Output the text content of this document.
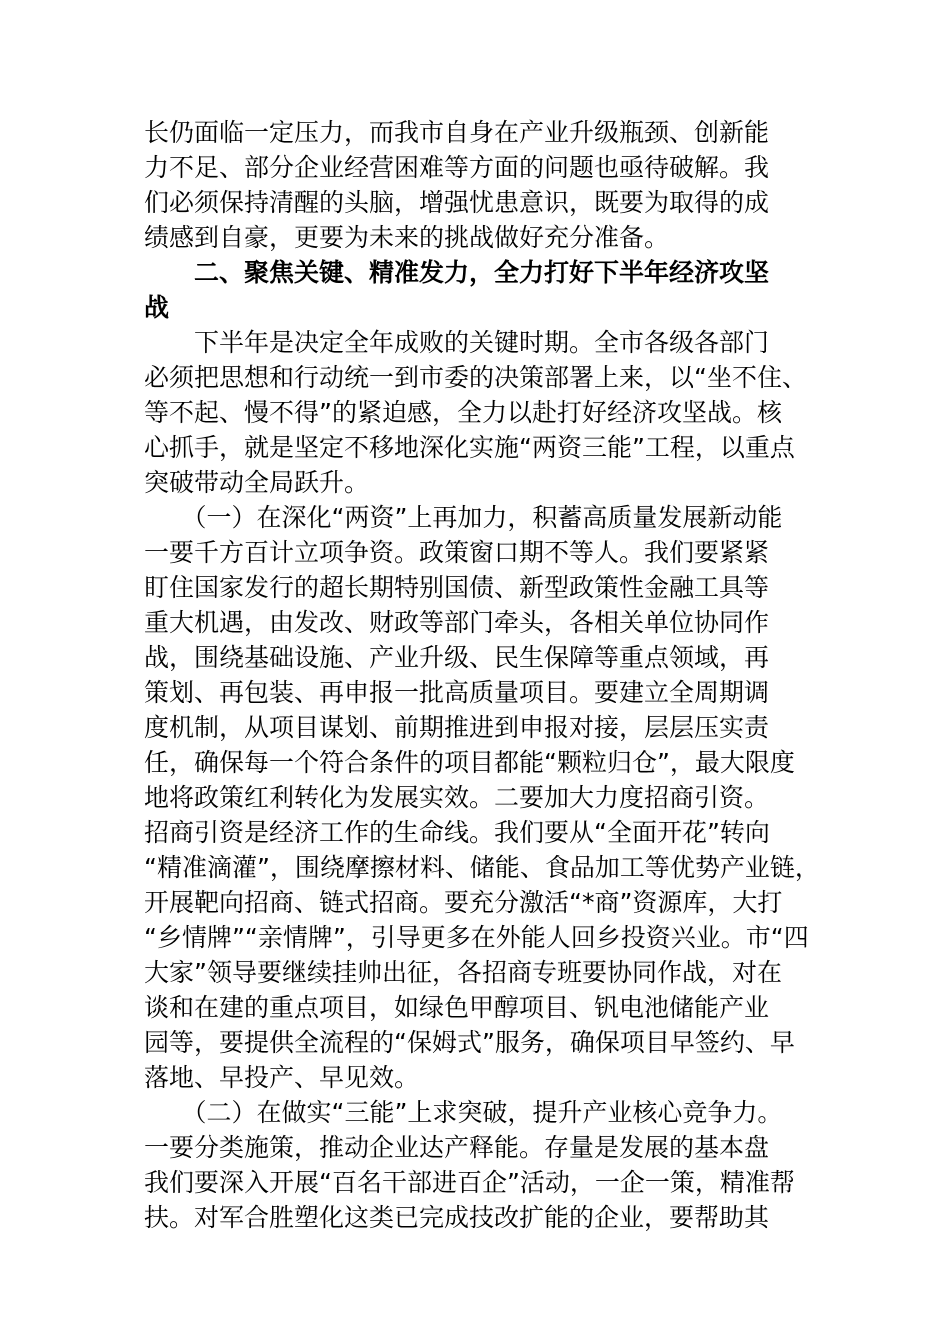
长仍面临一定压力，而我市自身在产业升级瓶颈、创新能
力不足、部分企业经营困难等方面的问题也亟待破解。我
们必须保持清醒的头脑，增强忧患意识，既要为取得的成
绩感到自豪，更要为未来的挑战做好充分准备。
　　二、聚焦关键、精准发力，全力打好下半年经济攻坚
战
　　下半年是决定全年成败的关键时期。全市各级各部门
必须把思想和行动统一到市委的决策部署上来，以“坐不住、
等不起、慢不得”的紧迫感，全力以赴打好经济攻坚战。核
心抓手，就是坚定不移地深化实施“两资三能”工程，以重点
突破带动全局跃升。
　　（一）在深化“两资”上再加力，积蓄高质量发展新动能
一要千方百计立项争资。政策窗口期不等人。我们要紧紧
盯住国家发行的超长期特别国债、新型政策性金融工具等
重大机遇，由发改、财政等部门牵头，各相关单位协同作
战，围绕基础设施、产业升级、民生保障等重点领域，再
策划、再包装、再申报一批高质量项目。要建立全周期调
度机制，从项目谋划、前期推进到申报对接，层层压实责
任，确保每一个符合条件的项目都能“颗粒归仓”，最大限度
地将政策红利转化为发展实效。二要加大力度招商引资。
招商引资是经济工作的生命线。我们要从“全面开花”转向
“精准滴灌”，围绕摩擦材料、储能、食品加工等优势产业链，
开展靶向招商、链式招商。要充分激活“*商”资源库，大打
“乡情牌”“亲情牌”，引导更多在外能人回乡投资兴业。市“四
大家”领导要继续挂帅出征，各招商专班要协同作战，对在
谈和在建的重点项目，如绿色甲醇项目、钒电池储能产业
园等，要提供全流程的“保姆式”服务，确保项目早签约、早
落地、早投产、早见效。
　　（二）在做实“三能”上求突破，提升产业核心竞争力。
一要分类施策，推动企业达产释能。存量是发展的基本盘
我们要深入开展“百名干部进百企”活动，一企一策，精准帮
扶。对军合胜塑化这类已完成技改扩能的企业，要帮助其
